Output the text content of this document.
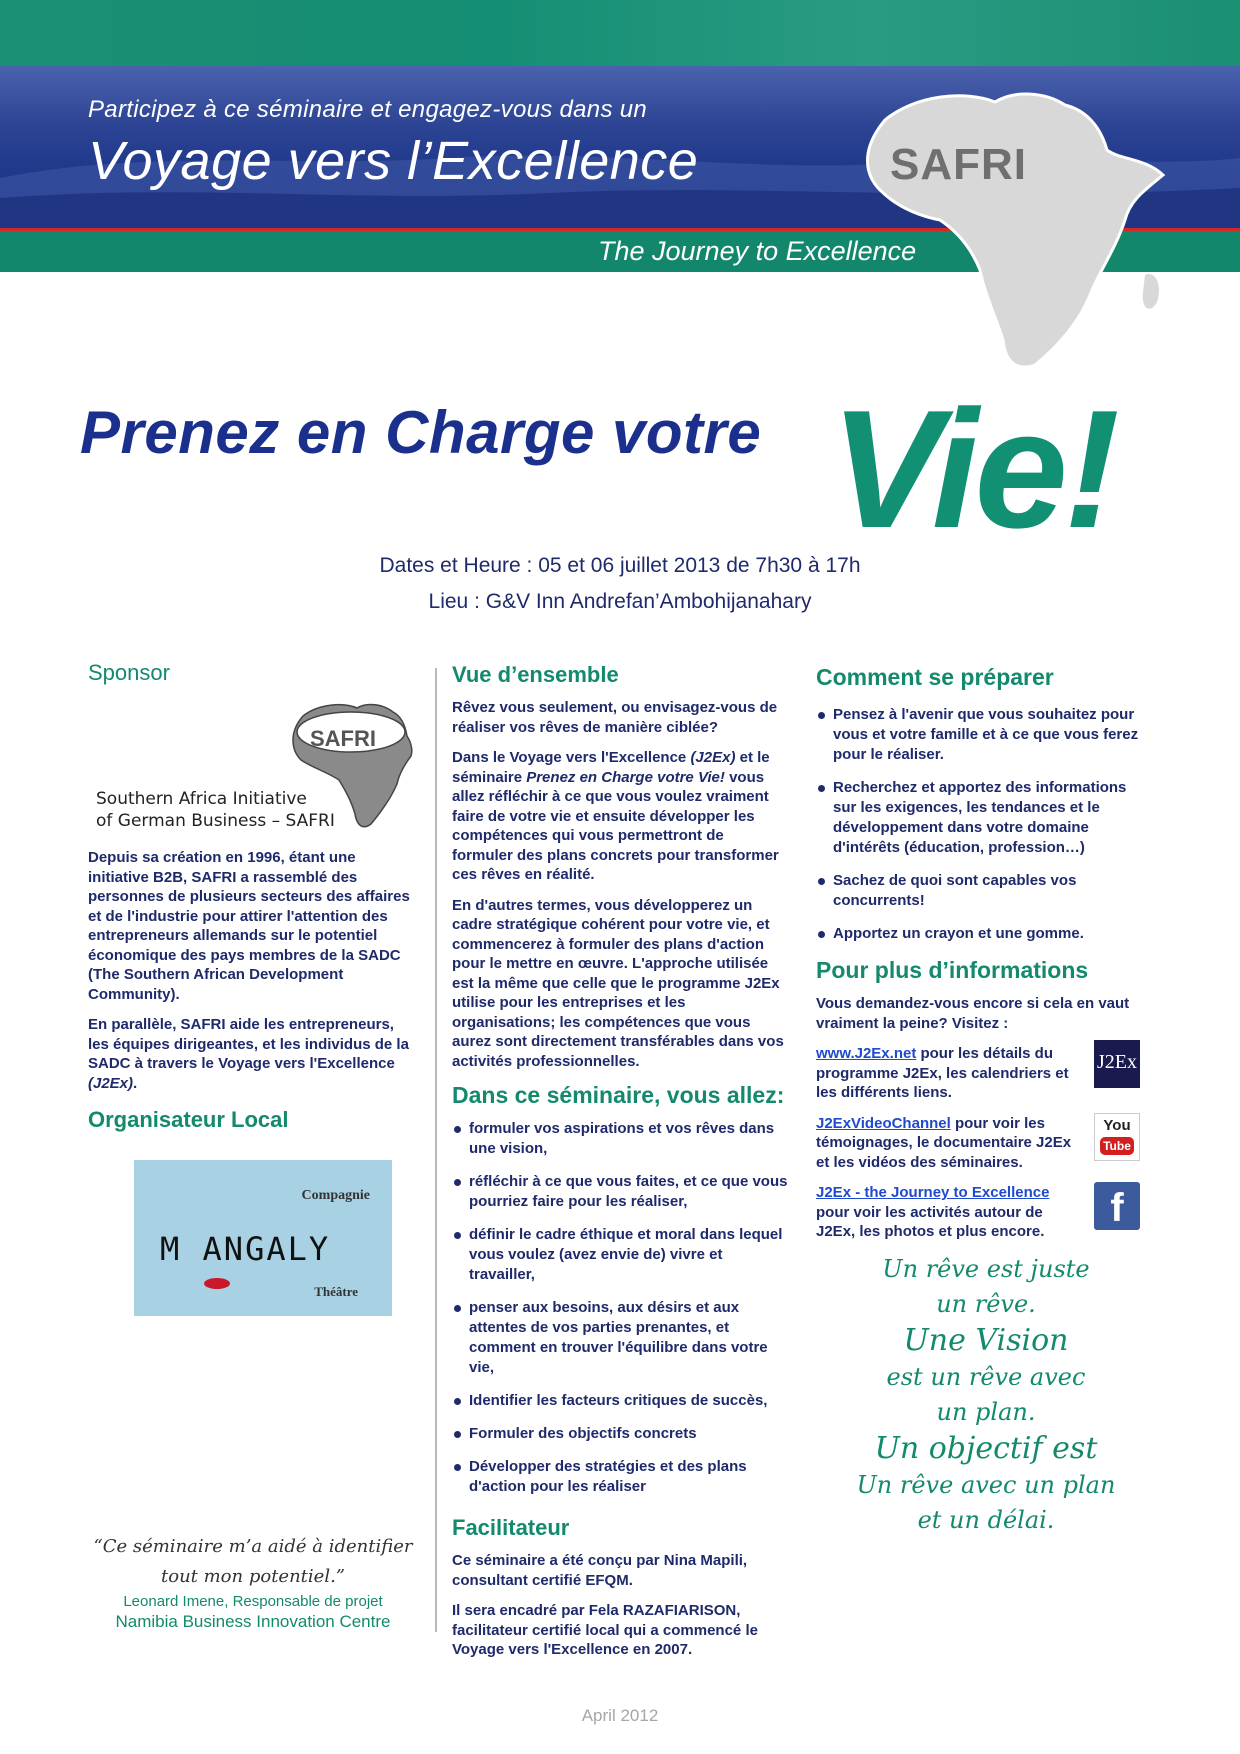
Participez à ce séminaire et engagez-vous dans un
Voyage vers l’Excellence
The Journey to Excellence
SAFRI
Prenez en Charge votre Vie!
Dates et Heure : 05 et 06 juillet 2013 de 7h30 à 17h
Lieu : G&V Inn Andrefan’Ambohijanahary
Sponsor
SAFRI
Southern Africa Initiative
of German Business – SAFRI

Depuis sa création en 1996, étant une initiative B2B, SAFRI a rassemblé des personnes de plusieurs secteurs des affaires et de l'industrie pour attirer l'attention des entrepreneurs allemands sur le potentiel économique des pays membres de la SADC (The Southern African Development Community).

En parallèle, SAFRI aide les entrepreneurs, les équipes dirigeantes, et les individus de la SADC à travers le Voyage vers l'Excellence (J2Ex).

Organisateur Local
Compagnie
M ANGALY
Théâtre
“Ce séminaire m’a aidé à identifier tout mon potentiel.”
Leonard Imene, Responsable de projet
Namibia Business Innovation Centre
Vue d’ensemble

Rêvez vous seulement, ou envisagez-vous de réaliser vos rêves de manière ciblée?

Dans le Voyage vers l'Excellence (J2Ex) et le séminaire Prenez en Charge votre Vie! vous allez réfléchir à ce que vous voulez vraiment faire de votre vie et ensuite développer les compétences qui vous permettront de formuler des plans concrets pour transformer ces rêves en réalité.

En d'autres termes, vous développerez un cadre stratégique cohérent pour votre vie, et commencerez à formuler des plans d'action pour le mettre en œuvre. L'approche utilisée est la même que celle que le programme J2Ex utilise pour les entreprises et les organisations; les compétences que vous aurez sont directement transférables dans vos activités professionnelles.

Dans ce séminaire, vous allez:
formuler vos aspirations et vos rêves dans une vision,
réfléchir à ce que vous faites, et ce que vous pourriez faire pour les réaliser,
définir le cadre éthique et moral dans lequel vous voulez (avez envie de) vivre et travailler,
penser aux besoins, aux désirs et aux attentes de vos parties prenantes, et comment en trouver l'équilibre dans votre vie,
Identifier les facteurs critiques de succès,
Formuler des objectifs concrets
Développer des stratégies et des plans d'action pour les réaliser
Facilitateur

Ce séminaire a été conçu par Nina Mapili, consultant certifié EFQM.

Il sera encadré par Fela RAZAFIARISON, facilitateur certifié local qui a commencé le Voyage vers l'Excellence en 2007.

Comment se préparer
Pensez à l'avenir que vous souhaitez pour vous et votre famille et à ce que vous ferez pour le réaliser.
Recherchez et apportez des informations sur les exigences, les tendances et le développement dans votre domaine d'intérêts (éducation, profession…)
Sachez de quoi sont capables vos concurrents!
Apportez un crayon et une gomme.
Pour plus d’informations

Vous demandez-vous encore si cela en vaut vraiment la peine? Visitez :

www.J2Ex.net pour les détails du programme J2Ex, les calendriers et les différents liens.

J2ExVideoChannel pour voir les témoignages, le documentaire J2Ex et les vidéos des séminaires.

J2Ex - the Journey to Excellence pour voir les activités autour de J2Ex, les photos et plus encore.

J2Ex
You
Tube
f
Un rêve est juste
un rêve.
Une Vision
est un rêve avec
un plan.
Un objectif est
Un rêve avec un plan
et un délai.
April 2012
